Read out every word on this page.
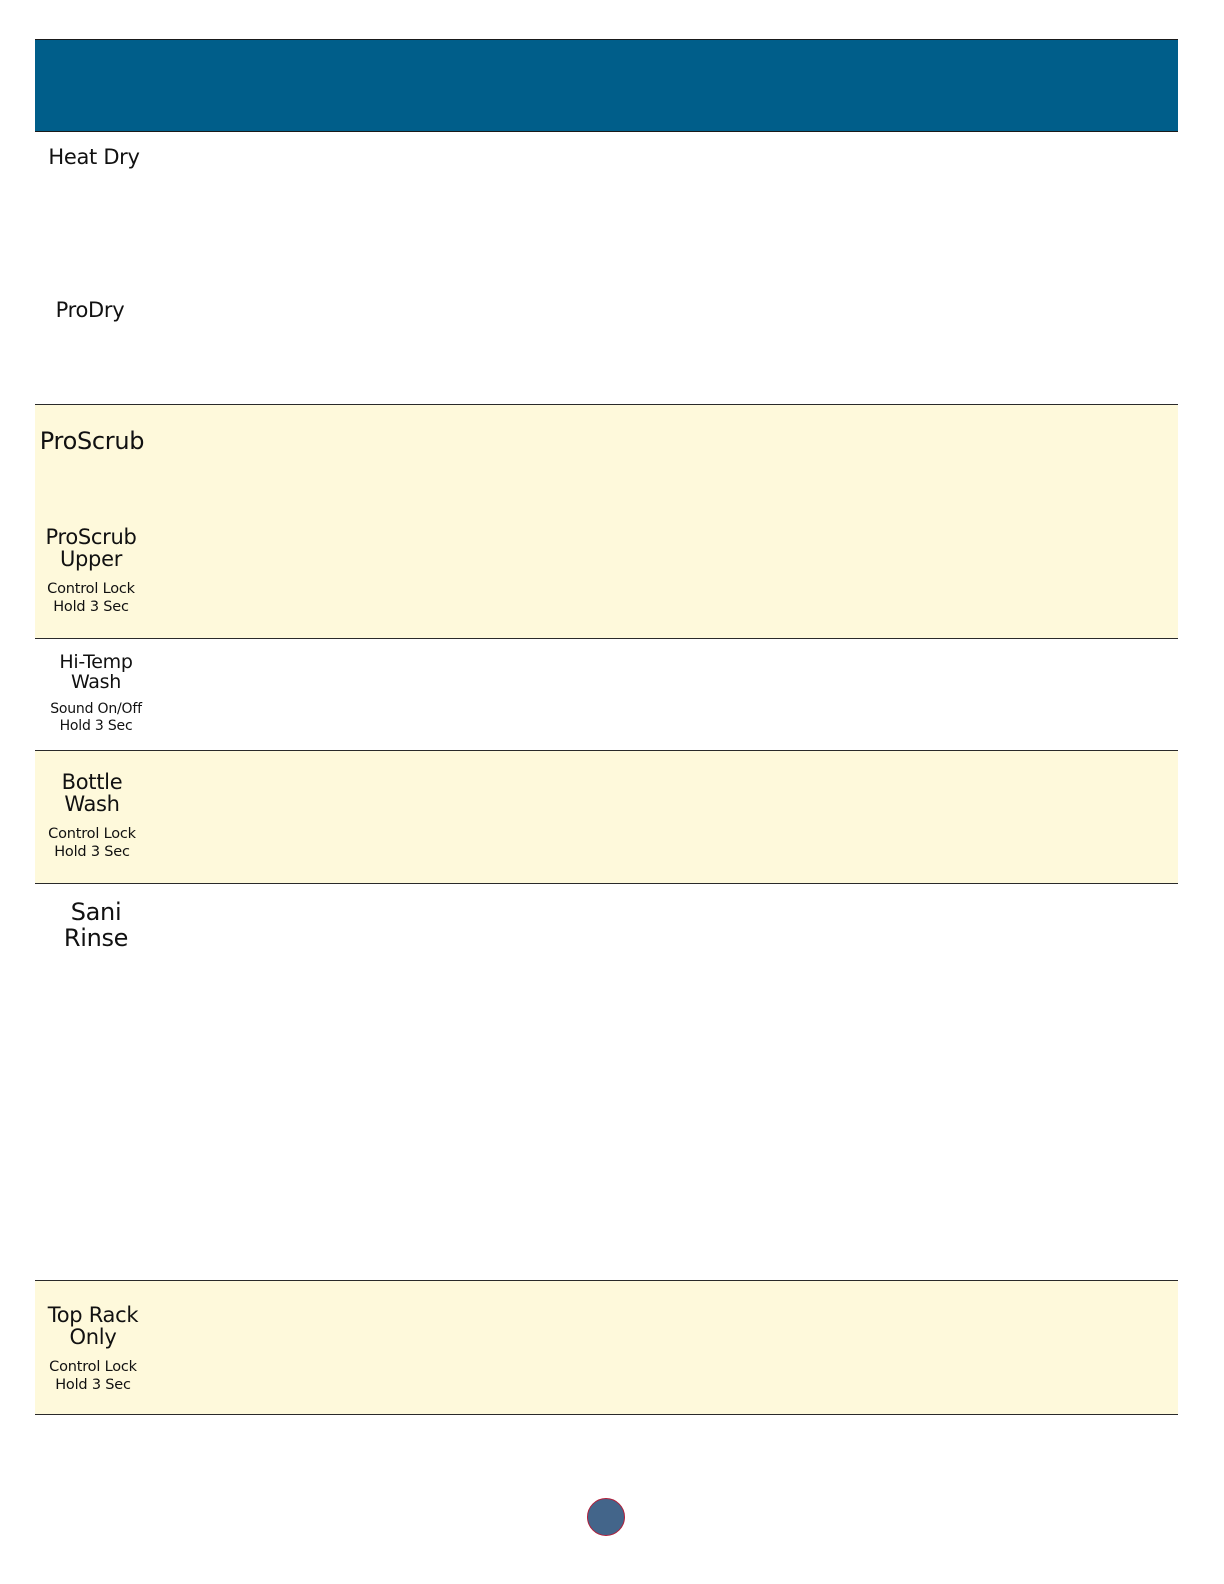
Heat Dry
ProDry
ProScrub
ProScrub
Upper
Control Lock
Hold 3 Sec
Hi-Temp
Wash
Sound On/Off
Hold 3 Sec
Bottle
Wash
Control Lock
Hold 3 Sec
Sani
Rinse
Top Rack
Only
Control Lock
Hold 3 Sec
